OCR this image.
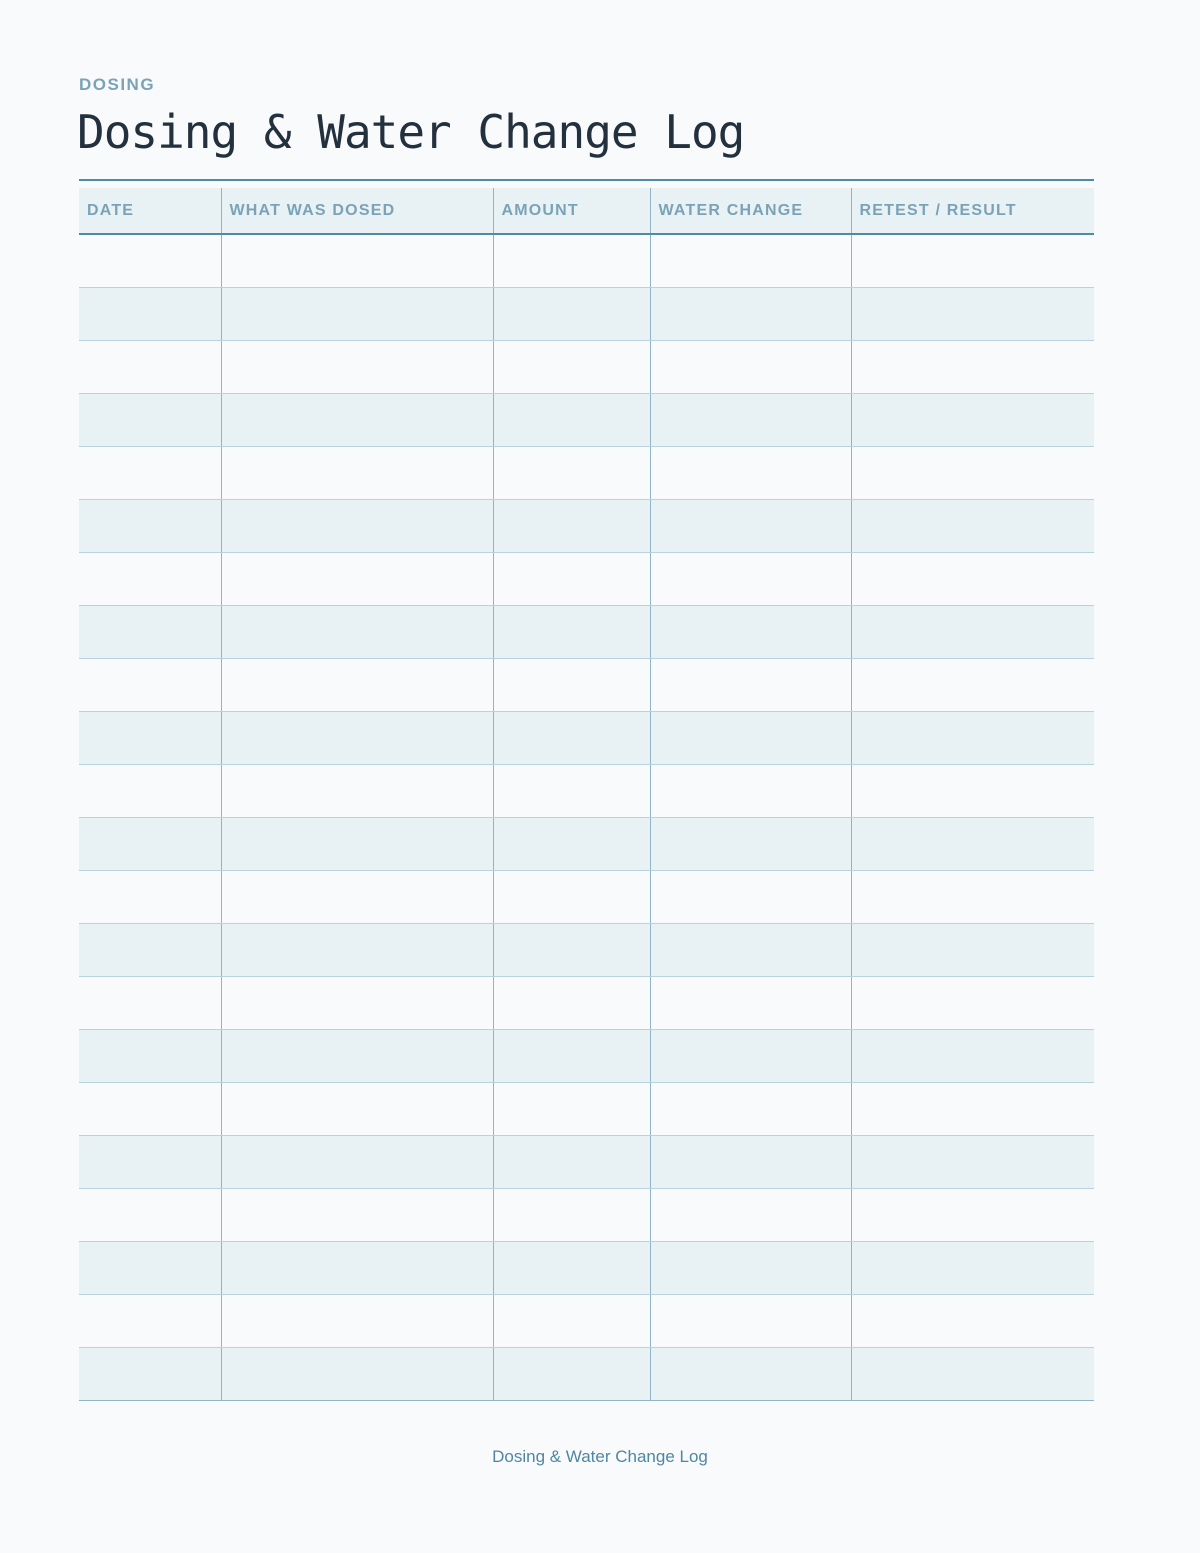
DOSING
Dosing & Water Change Log
DATE	WHAT WAS DOSED	AMOUNT	WATER CHANGE	RETEST / RESULT

Dosing & Water Change Log
